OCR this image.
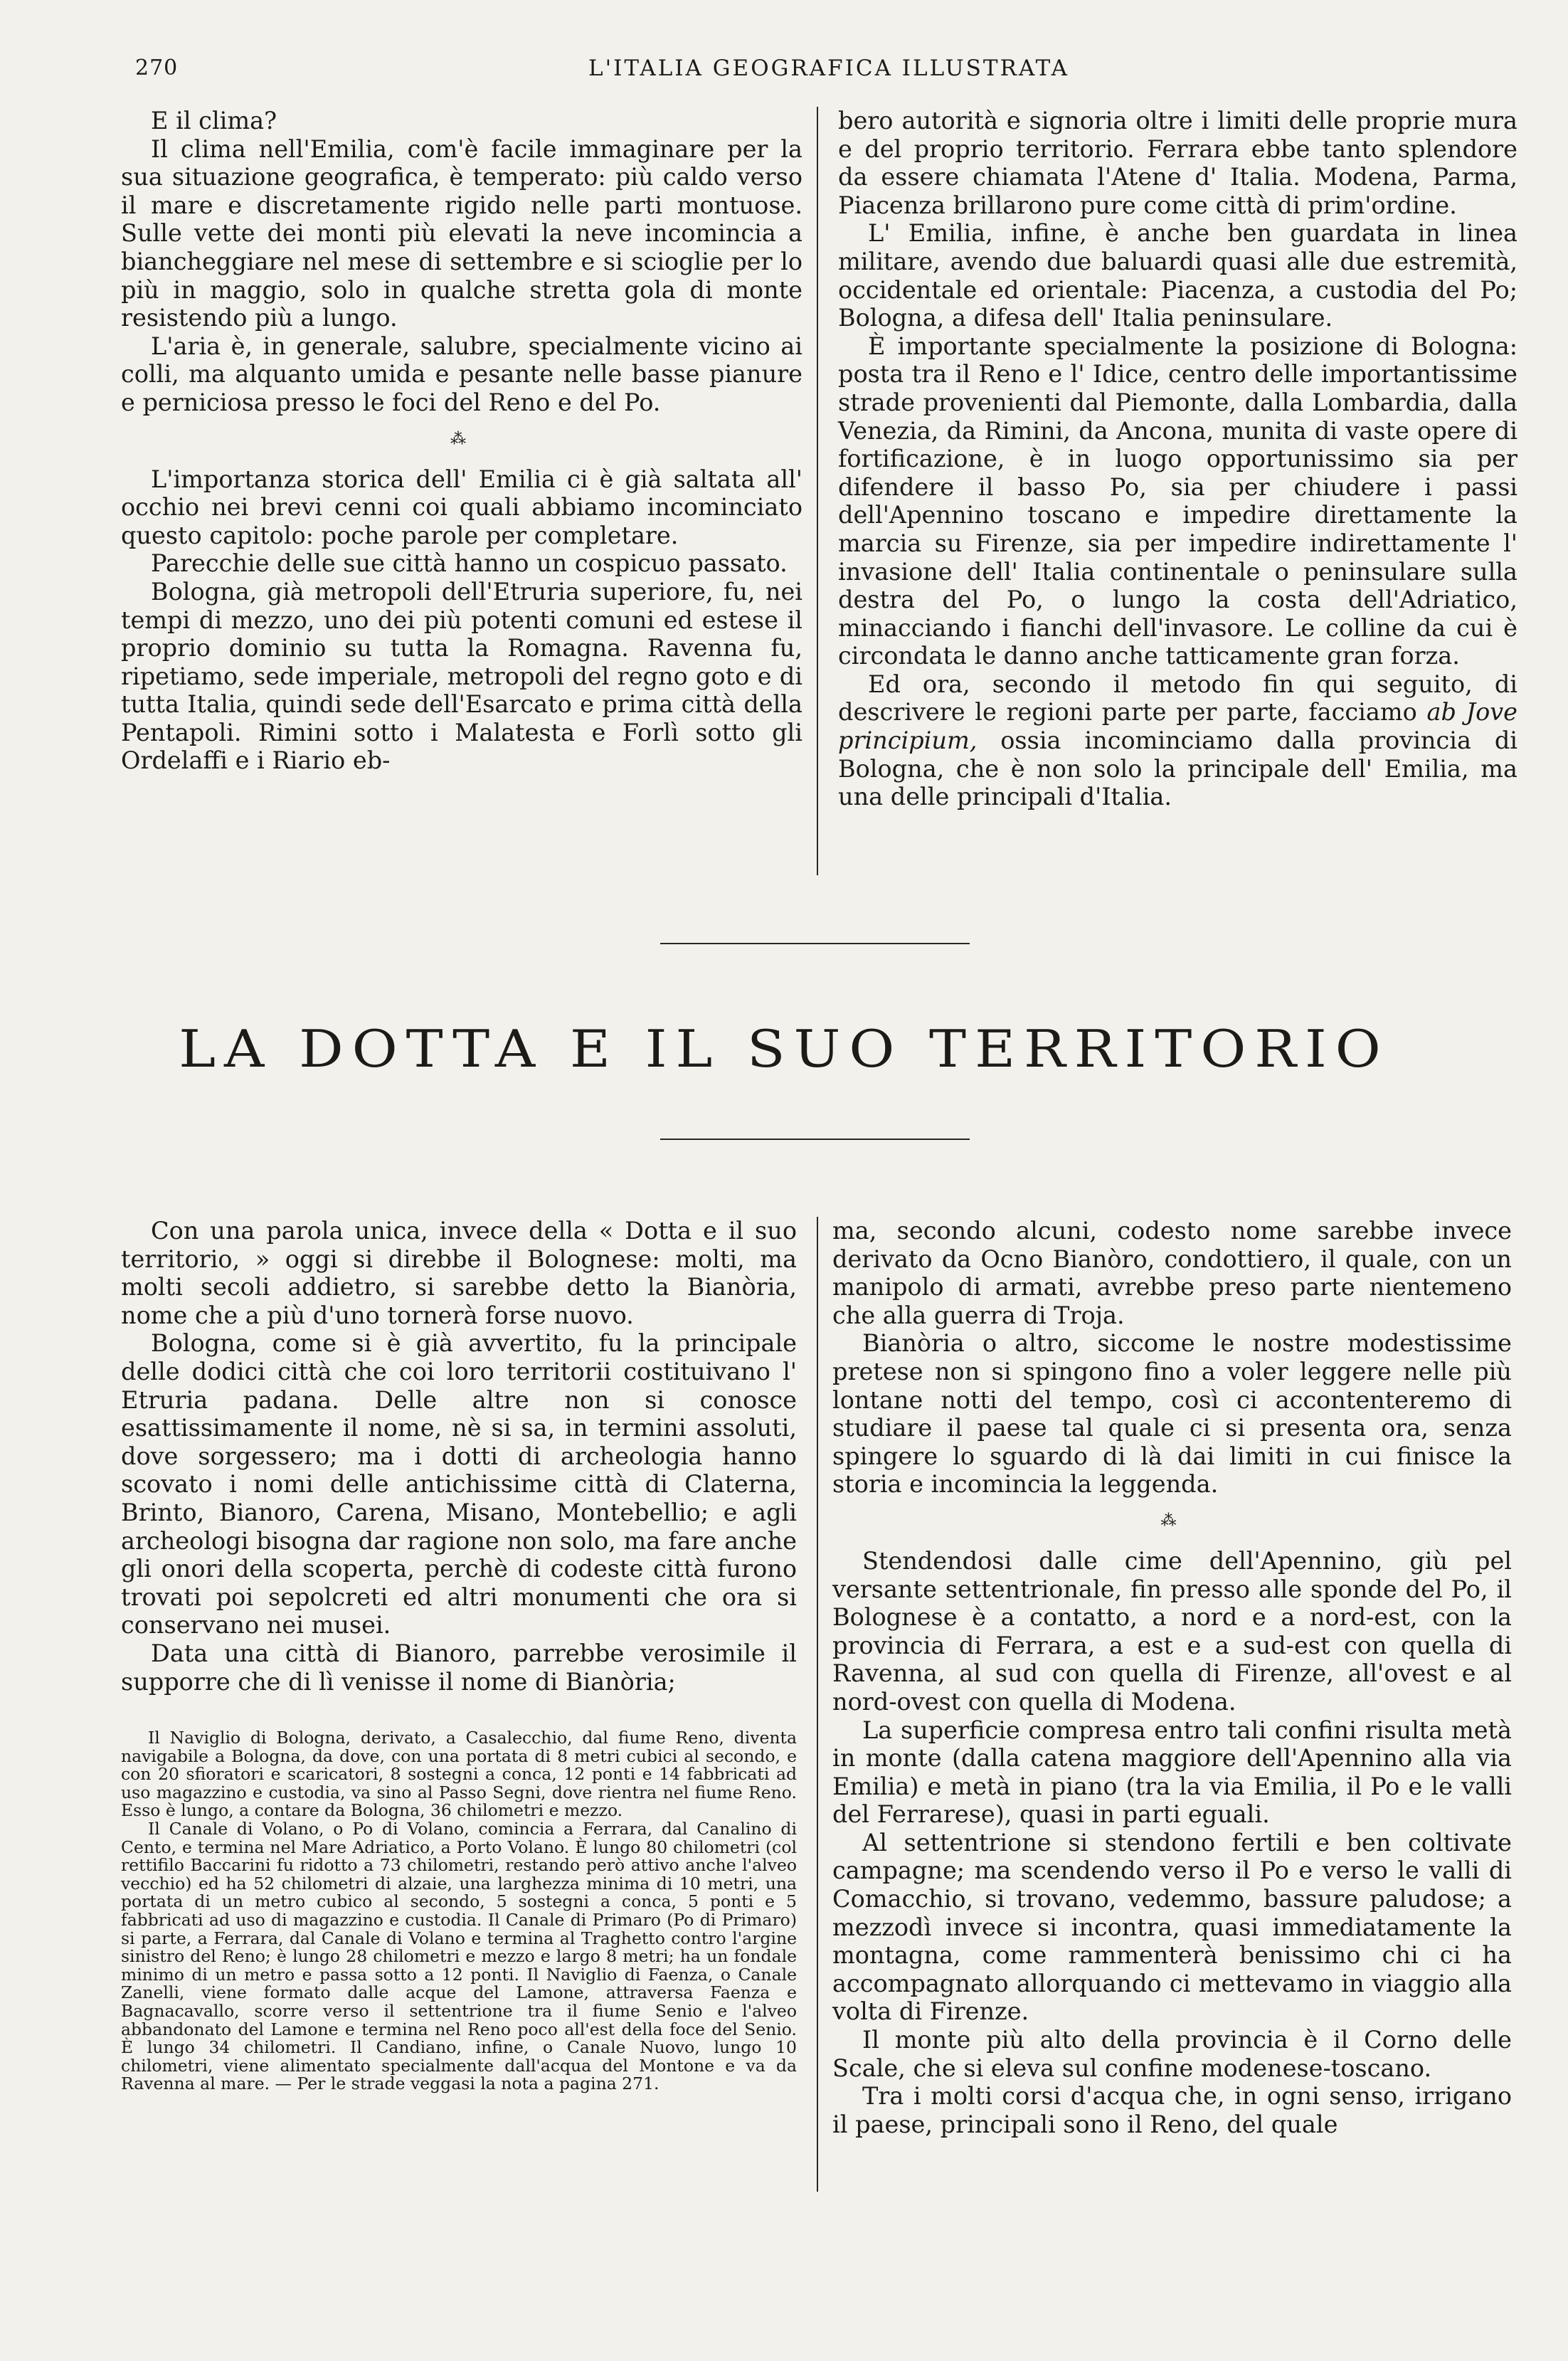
270	L'ITALIA GEOGRAFICA ILLUSTRATA

E il clima?

Il clima nell'Emilia, com'è facile immaginare per la sua situazione geografica, è temperato: più caldo verso il mare e discretamente rigido nelle parti montuose. Sulle vette dei monti più elevati la neve incomincia a biancheggiare nel mese di settembre e si scioglie per lo più in maggio, solo in qualche stretta gola di monte resistendo più a lungo.

L'aria è, in generale, salubre, specialmente vicino ai colli, ma alquanto umida e pesante nelle basse pianure e perniciosa presso le foci del Reno e del Po.

⁂

L'importanza storica dell' Emilia ci è già saltata all' occhio nei brevi cenni coi quali abbiamo incominciato questo capitolo: poche parole per completare.

Parecchie delle sue città hanno un cospicuo passato.

Bologna, già metropoli dell'Etruria superiore, fu, nei tempi di mezzo, uno dei più potenti comuni ed estese il proprio dominio su tutta la Romagna. Ravenna fu, ripetiamo, sede imperiale, metropoli del regno goto e di tutta Italia, quindi sede dell'Esarcato e prima città della Pentapoli. Rimini sotto i Malatesta e Forlì sotto gli Ordelaffi e i Riario eb-

bero autorità e signoria oltre i limiti delle proprie mura e del proprio territorio. Ferrara ebbe tanto splendore da essere chiamata l'Atene d' Italia. Modena, Parma, Piacenza brillarono pure come città di prim'ordine.

L' Emilia, infine, è anche ben guardata in linea militare, avendo due baluardi quasi alle due estremità, occidentale ed orientale: Piacenza, a custodia del Po; Bologna, a difesa dell' Italia peninsulare.

È importante specialmente la posizione di Bologna: posta tra il Reno e l' Idice, centro delle importantissime strade provenienti dal Piemonte, dalla Lombardia, dalla Venezia, da Rimini, da Ancona, munita di vaste opere di fortificazione, è in luogo opportunissimo sia per difendere il basso Po, sia per chiudere i passi dell'Apennino toscano e impedire direttamente la marcia su Firenze, sia per impedire indirettamente l' invasione dell' Italia continentale o peninsulare sulla destra del Po, o lungo la costa dell'Adriatico, minacciando i fianchi dell'invasore. Le colline da cui è circondata le danno anche tatticamente gran forza.

Ed ora, secondo il metodo fin qui seguito, di descrivere le regioni parte per parte, facciamo ab Jove principium, ossia incominciamo dalla provincia di Bologna, che è non solo la principale dell' Emilia, ma una delle principali d'Italia.

LA DOTTA E IL SUO TERRITORIO

Con una parola unica, invece della « Dotta e il suo territorio, » oggi si direbbe il Bolognese: molti, ma molti secoli addietro, si sarebbe detto la Bianòria, nome che a più d'uno tornerà forse nuovo.

Bologna, come si è già avvertito, fu la principale delle dodici città che coi loro territorii costituivano l' Etruria padana. Delle altre non si conosce esattissimamente il nome, nè si sa, in termini assoluti, dove sorgessero; ma i dotti di archeologia hanno scovato i nomi delle antichissime città di Claterna, Brinto, Bianoro, Carena, Misano, Montebellio; e agli archeologi bisogna dar ragione non solo, ma fare anche gli onori della scoperta, perchè di codeste città furono trovati poi sepolcreti ed altri monumenti che ora si conservano nei musei.

Data una città di Bianoro, parrebbe verosimile il supporre che di lì venisse il nome di Bianòria;

Il Naviglio di Bologna, derivato, a Casalecchio, dal fiume Reno, diventa navigabile a Bologna, da dove, con una portata di 8 metri cubici al secondo, e con 20 sfioratori e scaricatori, 8 sostegni a conca, 12 ponti e 14 fabbricati ad uso magazzino e custodia, va sino al Passo Segni, dove rientra nel fiume Reno. Esso è lungo, a contare da Bologna, 36 chilometri e mezzo.

Il Canale di Volano, o Po di Volano, comincia a Ferrara, dal Canalino di Cento, e termina nel Mare Adriatico, a Porto Volano. È lungo 80 chilometri (col rettifilo Baccarini fu ridotto a 73 chilometri, restando però attivo anche l'alveo vecchio) ed ha 52 chilometri di alzaie, una larghezza minima di 10 metri, una portata di un metro cubico al secondo, 5 sostegni a conca, 5 ponti e 5 fabbricati ad uso di magazzino e custodia. Il Canale di Primaro (Po di Primaro) si parte, a Ferrara, dal Canale di Volano e termina al Traghetto contro l'argine sinistro del Reno; è lungo 28 chilometri e mezzo e largo 8 metri; ha un fondale minimo di un metro e passa sotto a 12 ponti. Il Naviglio di Faenza, o Canale Zanelli, viene formato dalle acque del Lamone, attraversa Faenza e Bagnacavallo, scorre verso il settentrione tra il fiume Senio e l'alveo abbandonato del Lamone e termina nel Reno poco all'est della foce del Senio. È lungo 34 chilometri. Il Candiano, infine, o Canale Nuovo, lungo 10 chilometri, viene alimentato specialmente dall'acqua del Montone e va da Ravenna al mare. — Per le strade veggasi la nota a pagina 271.

ma, secondo alcuni, codesto nome sarebbe invece derivato da Ocno Bianòro, condottiero, il quale, con un manipolo di armati, avrebbe preso parte nientemeno che alla guerra di Troja.

Bianòria o altro, siccome le nostre modestissime pretese non si spingono fino a voler leggere nelle più lontane notti del tempo, così ci accontenteremo di studiare il paese tal quale ci si presenta ora, senza spingere lo sguardo di là dai limiti in cui finisce la storia e incomincia la leggenda.

⁂

Stendendosi dalle cime dell'Apennino, giù pel versante settentrionale, fin presso alle sponde del Po, il Bolognese è a contatto, a nord e a nord-est, con la provincia di Ferrara, a est e a sud-est con quella di Ravenna, al sud con quella di Firenze, all'ovest e al nord-ovest con quella di Modena.

La superficie compresa entro tali confini risulta metà in monte (dalla catena maggiore dell'Apennino alla via Emilia) e metà in piano (tra la via Emilia, il Po e le valli del Ferrarese), quasi in parti eguali.

Al settentrione si stendono fertili e ben coltivate campagne; ma scendendo verso il Po e verso le valli di Comacchio, si trovano, vedemmo, bassure paludose; a mezzodì invece si incontra, quasi immediatamente la montagna, come rammenterà benissimo chi ci ha accompagnato allorquando ci mettevamo in viaggio alla volta di Firenze.

Il monte più alto della provincia è il Corno delle Scale, che si eleva sul confine modenese-toscano.

Tra i molti corsi d'acqua che, in ogni senso, irrigano il paese, principali sono il Reno, del quale
